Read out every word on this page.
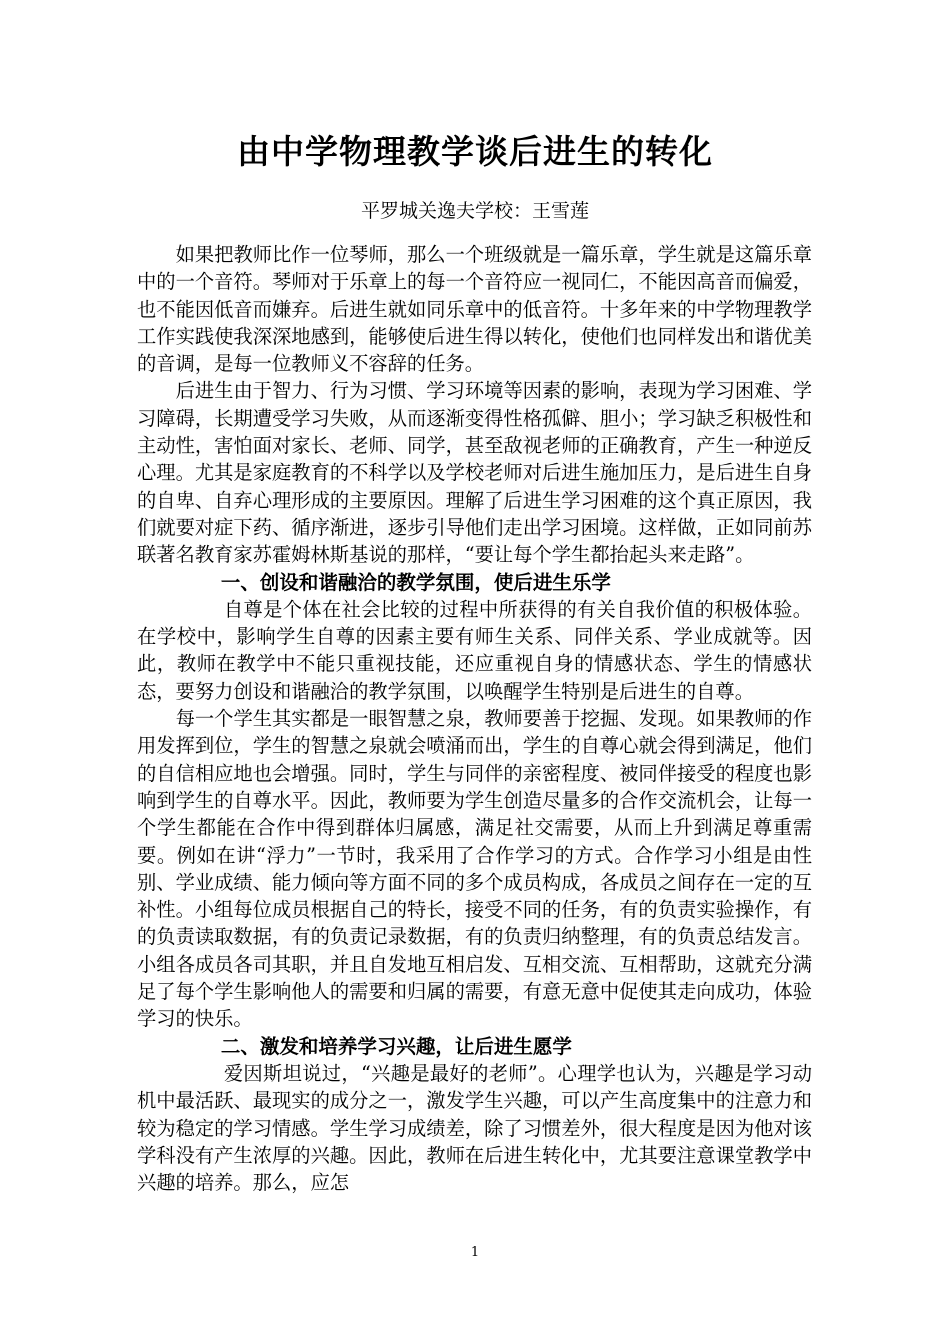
由中学物理教学谈后进生的转化
平罗城关逸夫学校：王雪莲

如果把教师比作一位琴师，那么一个班级就是一篇乐章，学生就是这篇乐章中的一个音符。琴师对于乐章上的每一个音符应一视同仁，不能因高音而偏爱，也不能因低音而嫌弃。后进生就如同乐章中的低音符。十多年来的中学物理教学工作实践使我深深地感到，能够使后进生得以转化，使他们也同样发出和谐优美的音调，是每一位教师义不容辞的任务。

后进生由于智力、行为习惯、学习环境等因素的影响，表现为学习困难、学习障碍，长期遭受学习失败，从而逐渐变得性格孤僻、胆小；学习缺乏积极性和主动性，害怕面对家长、老师、同学，甚至敌视老师的正确教育，产生一种逆反心理。尤其是家庭教育的不科学以及学校老师对后进生施加压力，是后进生自身的自卑、自弃心理形成的主要原因。理解了后进生学习困难的这个真正原因，我们就要对症下药、循序渐进，逐步引导他们走出学习困境。这样做，正如同前苏联著名教育家苏霍姆林斯基说的那样，“要让每个学生都抬起头来走路”。

一、创设和谐融洽的教学氛围，使后进生乐学

自尊是个体在社会比较的过程中所获得的有关自我价值的积极体验。在学校中，影响学生自尊的因素主要有师生关系、同伴关系、学业成就等。因此，教师在教学中不能只重视技能，还应重视自身的情感状态、学生的情感状态，要努力创设和谐融洽的教学氛围，以唤醒学生特别是后进生的自尊。

每一个学生其实都是一眼智慧之泉，教师要善于挖掘、发现。如果教师的作用发挥到位，学生的智慧之泉就会喷涌而出，学生的自尊心就会得到满足，他们的自信相应地也会增强。同时，学生与同伴的亲密程度、被同伴接受的程度也影响到学生的自尊水平。因此，教师要为学生创造尽量多的合作交流机会，让每一个学生都能在合作中得到群体归属感，满足社交需要，从而上升到满足尊重需要。例如在讲“浮力”一节时，我采用了合作学习的方式。合作学习小组是由性别、学业成绩、能力倾向等方面不同的多个成员构成，各成员之间存在一定的互补性。小组每位成员根据自己的特长，接受不同的任务，有的负责实验操作，有的负责读取数据，有的负责记录数据，有的负责归纳整理，有的负责总结发言。小组各成员各司其职，并且自发地互相启发、互相交流、互相帮助，这就充分满足了每个学生影响他人的需要和归属的需要，有意无意中促使其走向成功，体验学习的快乐。

二、激发和培养学习兴趣，让后进生愿学

爱因斯坦说过，“兴趣是最好的老师”。心理学也认为，兴趣是学习动机中最活跃、最现实的成分之一，激发学生兴趣，可以产生高度集中的注意力和较为稳定的学习情感。学生学习成绩差，除了习惯差外，很大程度是因为他对该学科没有产生浓厚的兴趣。因此，教师在后进生转化中，尤其要注意课堂教学中兴趣的培养。那么，应怎

1
